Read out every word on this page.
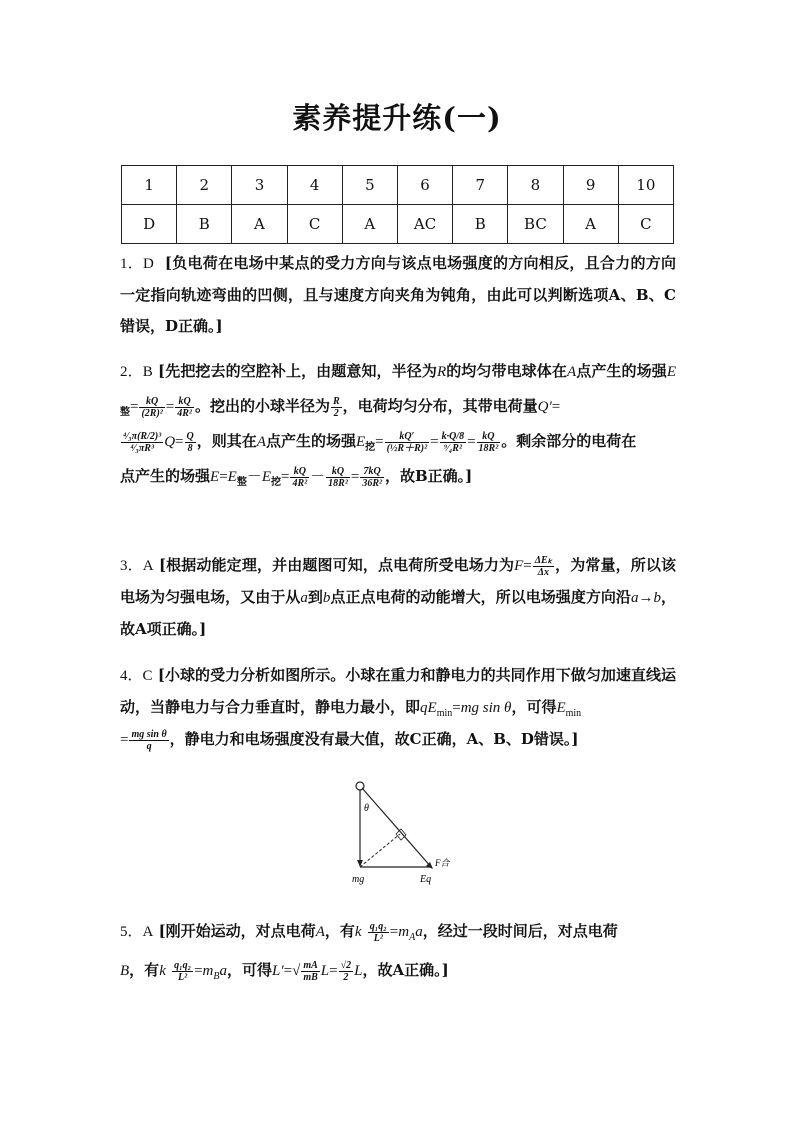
素养提升练(一)
1	2	3	4	5	6	7	8	9	10
D	B	A	C	A	AC	B	BC	A	C
1．D [负电荷在电场中某点的受力方向与该点电场强度的方向相反，且合力的方向一定指向轨迹弯曲的凹侧，且与速度方向夹角为钝角，由此可以判断选项A、B、C错误，D正确。]
2．B [先把挖去的空腔补上，由题意知，半径为R的均匀带电球体在A点产生的场强$E_整= \frac{kQ}{\text{(2R)²}} = \frac{kQ}{\text{4R²}}$ 。挖出的小球半径为 $\frac{R}{2}$ ，电荷均匀分布，其带电荷量Q′=

$\frac{\text{⁴⁄₃π(R/2)³}}{\text{⁴⁄₃πR³}} Q= \frac{Q}{8}$ ，则其在A点产生的场强$E_挖= \frac{kQ'}{\text{(½R＋R)²}} = \frac{k\cdot Q/8}{\text{⁹⁄₄R²}} = \frac{kQ}{\text{18R²}}$ 。剩余部分的电荷在
点产生的场强$E=E_整-E_挖= \frac{kQ}{\text{4R²}} - \frac{kQ}{\text{18R²}} = \frac{7kQ}{\text{36R²}}$ ，故B正确。]
3．A [根据动能定理，并由题图可知，点电荷所受电场力为F= ΔEₖ
Δx ，为常量，所以该电场为匀强电场，又由于从a到b点正点电荷的动能增大，所以电场强度方向沿a→b，故A项正确。]
4．C [小球的受力分析如图所示。小球在重力和静电力的共同作用下做匀加速直线运动，当静电力与合力垂直时，静电力最小，即$qE_{min}=mg$ sin θ，可得$E_{min}$
= $\frac{\text{mg sin θ}}{q}$ ，静电力和电场强度没有最大值，故C正确，A、B、D错误。]
θ
mg	Eq
F合
5．A [刚开始运动，对点电荷A，有k $\frac{\text{q₁q₂}}{\text{L²}} =m_Aa$，经过一段时间后，对点电荷
B，有k $\frac{\text{q₁q₂}}{\text{L²}} =m_Ba$，可得$L'=√ \frac{mA}{mB} L= \frac{√2}{2}$ L，故A正确。]
